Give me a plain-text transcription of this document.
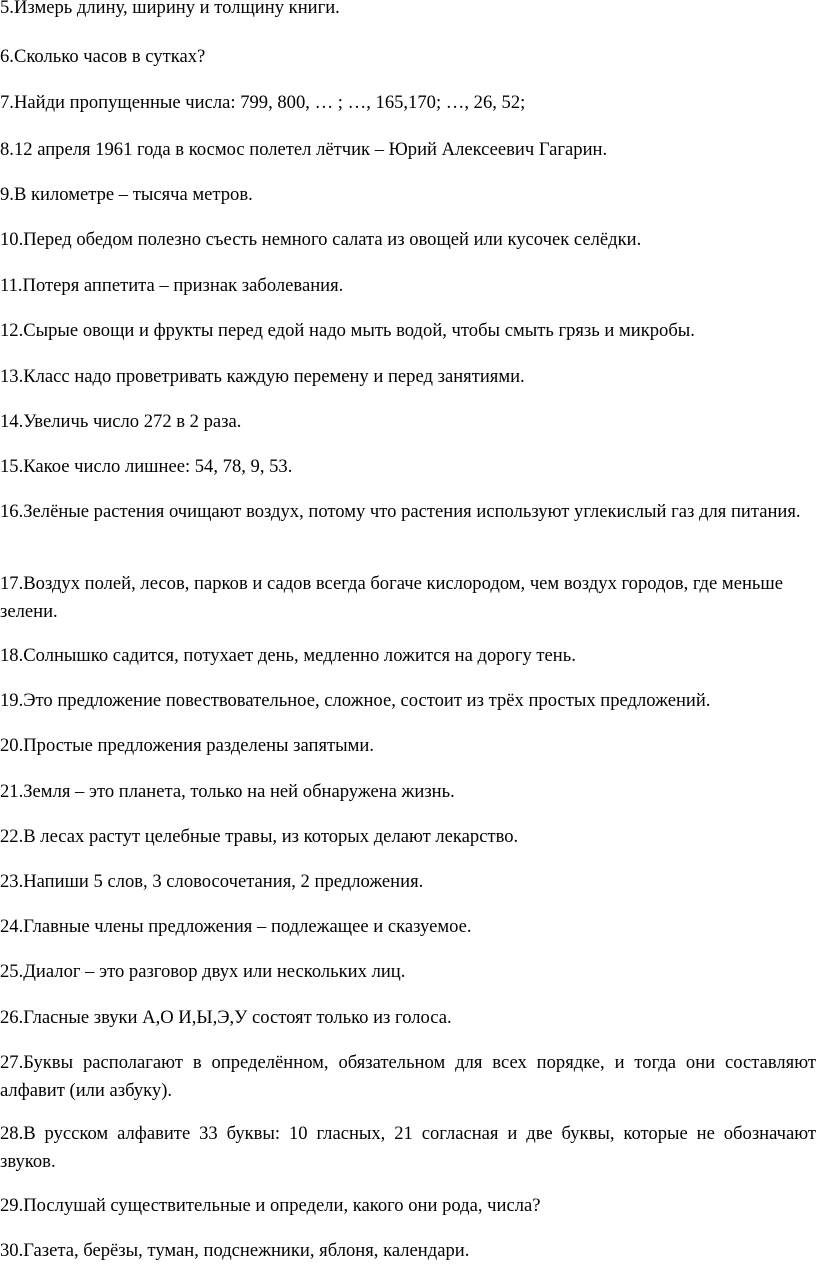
5.Измерь длину, ширину и толщину книги.
6.Сколько часов в сутках?
7.Найди пропущенные числа: 799, 800, … ; …, 165,170; …, 26, 52;
8.12 апреля 1961 года в космос полетел лётчик – Юрий Алексеевич Гагарин.
9.В километре – тысяча метров.
10.Перед обедом полезно съесть немного салата из овощей или кусочек селёдки.
11.Потеря аппетита – признак заболевания.
12.Сырые овощи и фрукты перед едой надо мыть водой, чтобы смыть грязь и микробы.
13.Класс надо проветривать каждую перемену и перед занятиями.
14.Увеличь число 272 в 2 раза.
15.Какое число лишнее: 54, 78, 9, 53.
16.Зелёные растения очищают воздух, потому что растения используют углекислый газ для питания.
17.Воздух полей, лесов, парков и садов всегда богаче кислородом, чем воздух городов, где меньше зелени.
18.Солнышко садится, потухает день, медленно ложится на дорогу тень.
19.Это предложение повествовательное, сложное, состоит из трёх простых предложений.
20.Простые предложения разделены запятыми.
21.Земля – это планета, только на ней обнаружена жизнь.
22.В лесах растут целебные травы, из которых делают лекарство.
23.Напиши 5 слов, 3 словосочетания, 2 предложения.
24.Главные члены предложения – подлежащее и сказуемое.
25.Диалог – это разговор двух или нескольких лиц.
26.Гласные звуки А,О И,Ы,Э,У состоят только из голоса.
27.Буквы располагают в определённом, обязательном для всех порядке, и тогда они составляют алфавит (или азбуку).
28.В русском алфавите 33 буквы: 10 гласных, 21 согласная и две буквы, которые не обозначают звуков.
29.Послушай существительные и определи, какого они рода, числа?
30.Газета, берёзы, туман, подснежники, яблоня, календари.
